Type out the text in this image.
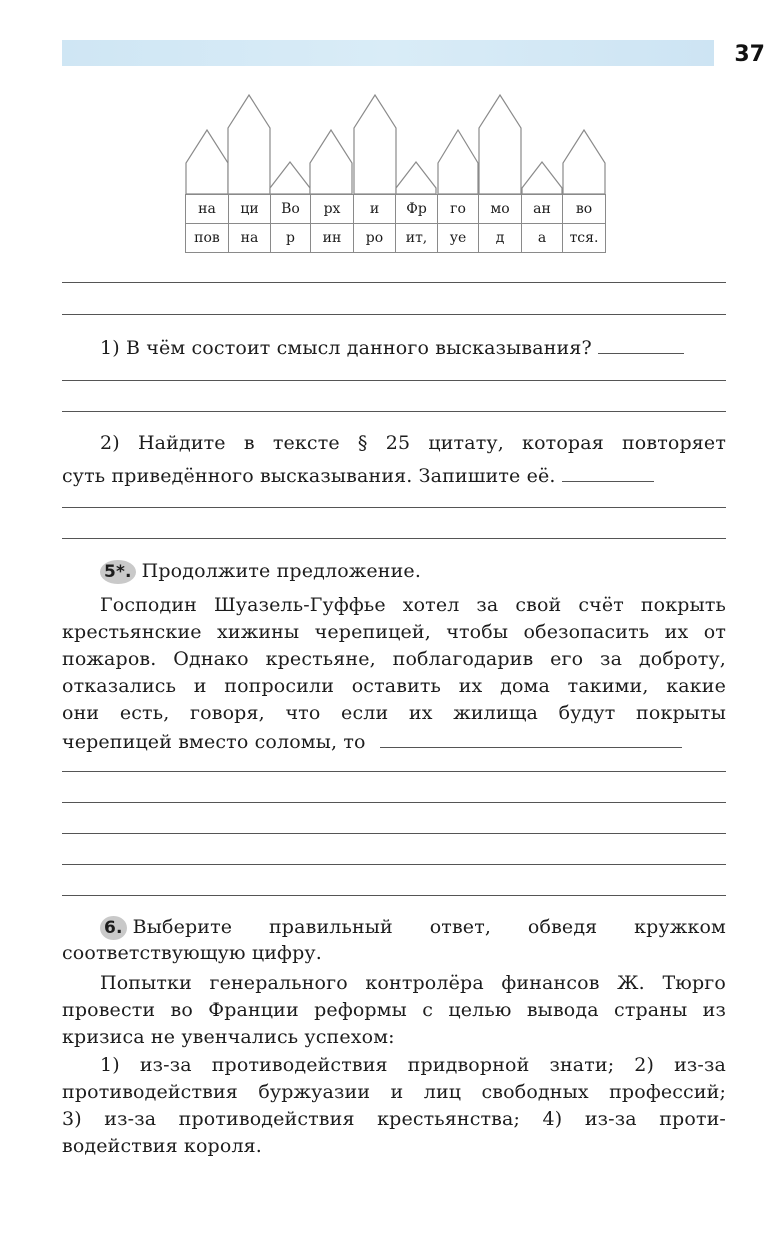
37
на	ци	Во	рх	и	Фр	го	мо	ан	во
пов	на	р	ин	ро	ит,	уе	д	а	тся.
1) В чём состоит смысл данного высказывания?
2) Найдите в тексте § 25 цитату, которая повторяет
суть приведённого высказывания. Запишите её.
5*. Продолжите предложение.
Господин Шуазель-Гуффье хотел за свой счёт покрыть
крестьянские хижины черепицей, чтобы обезопасить их от
пожаров. Однако крестьяне, поблагодарив его за доброту,
отказались и попросили оставить их дома такими, какие
они есть, говоря, что если их жилища будут покрыты
черепицей вместо соломы, то
6. Выберите правильный ответ, обведя кружком
соответствующую цифру.
Попытки генерального контролёра финансов Ж. Тюрго
провести во Франции реформы с целью вывода страны из
кризиса не увенчались успехом:
1) из-за противодействия придворной знати; 2) из-за
противодействия буржуазии и лиц свободных профессий;
3) из-за противодействия крестьянства; 4) из-за проти-
водействия короля.
